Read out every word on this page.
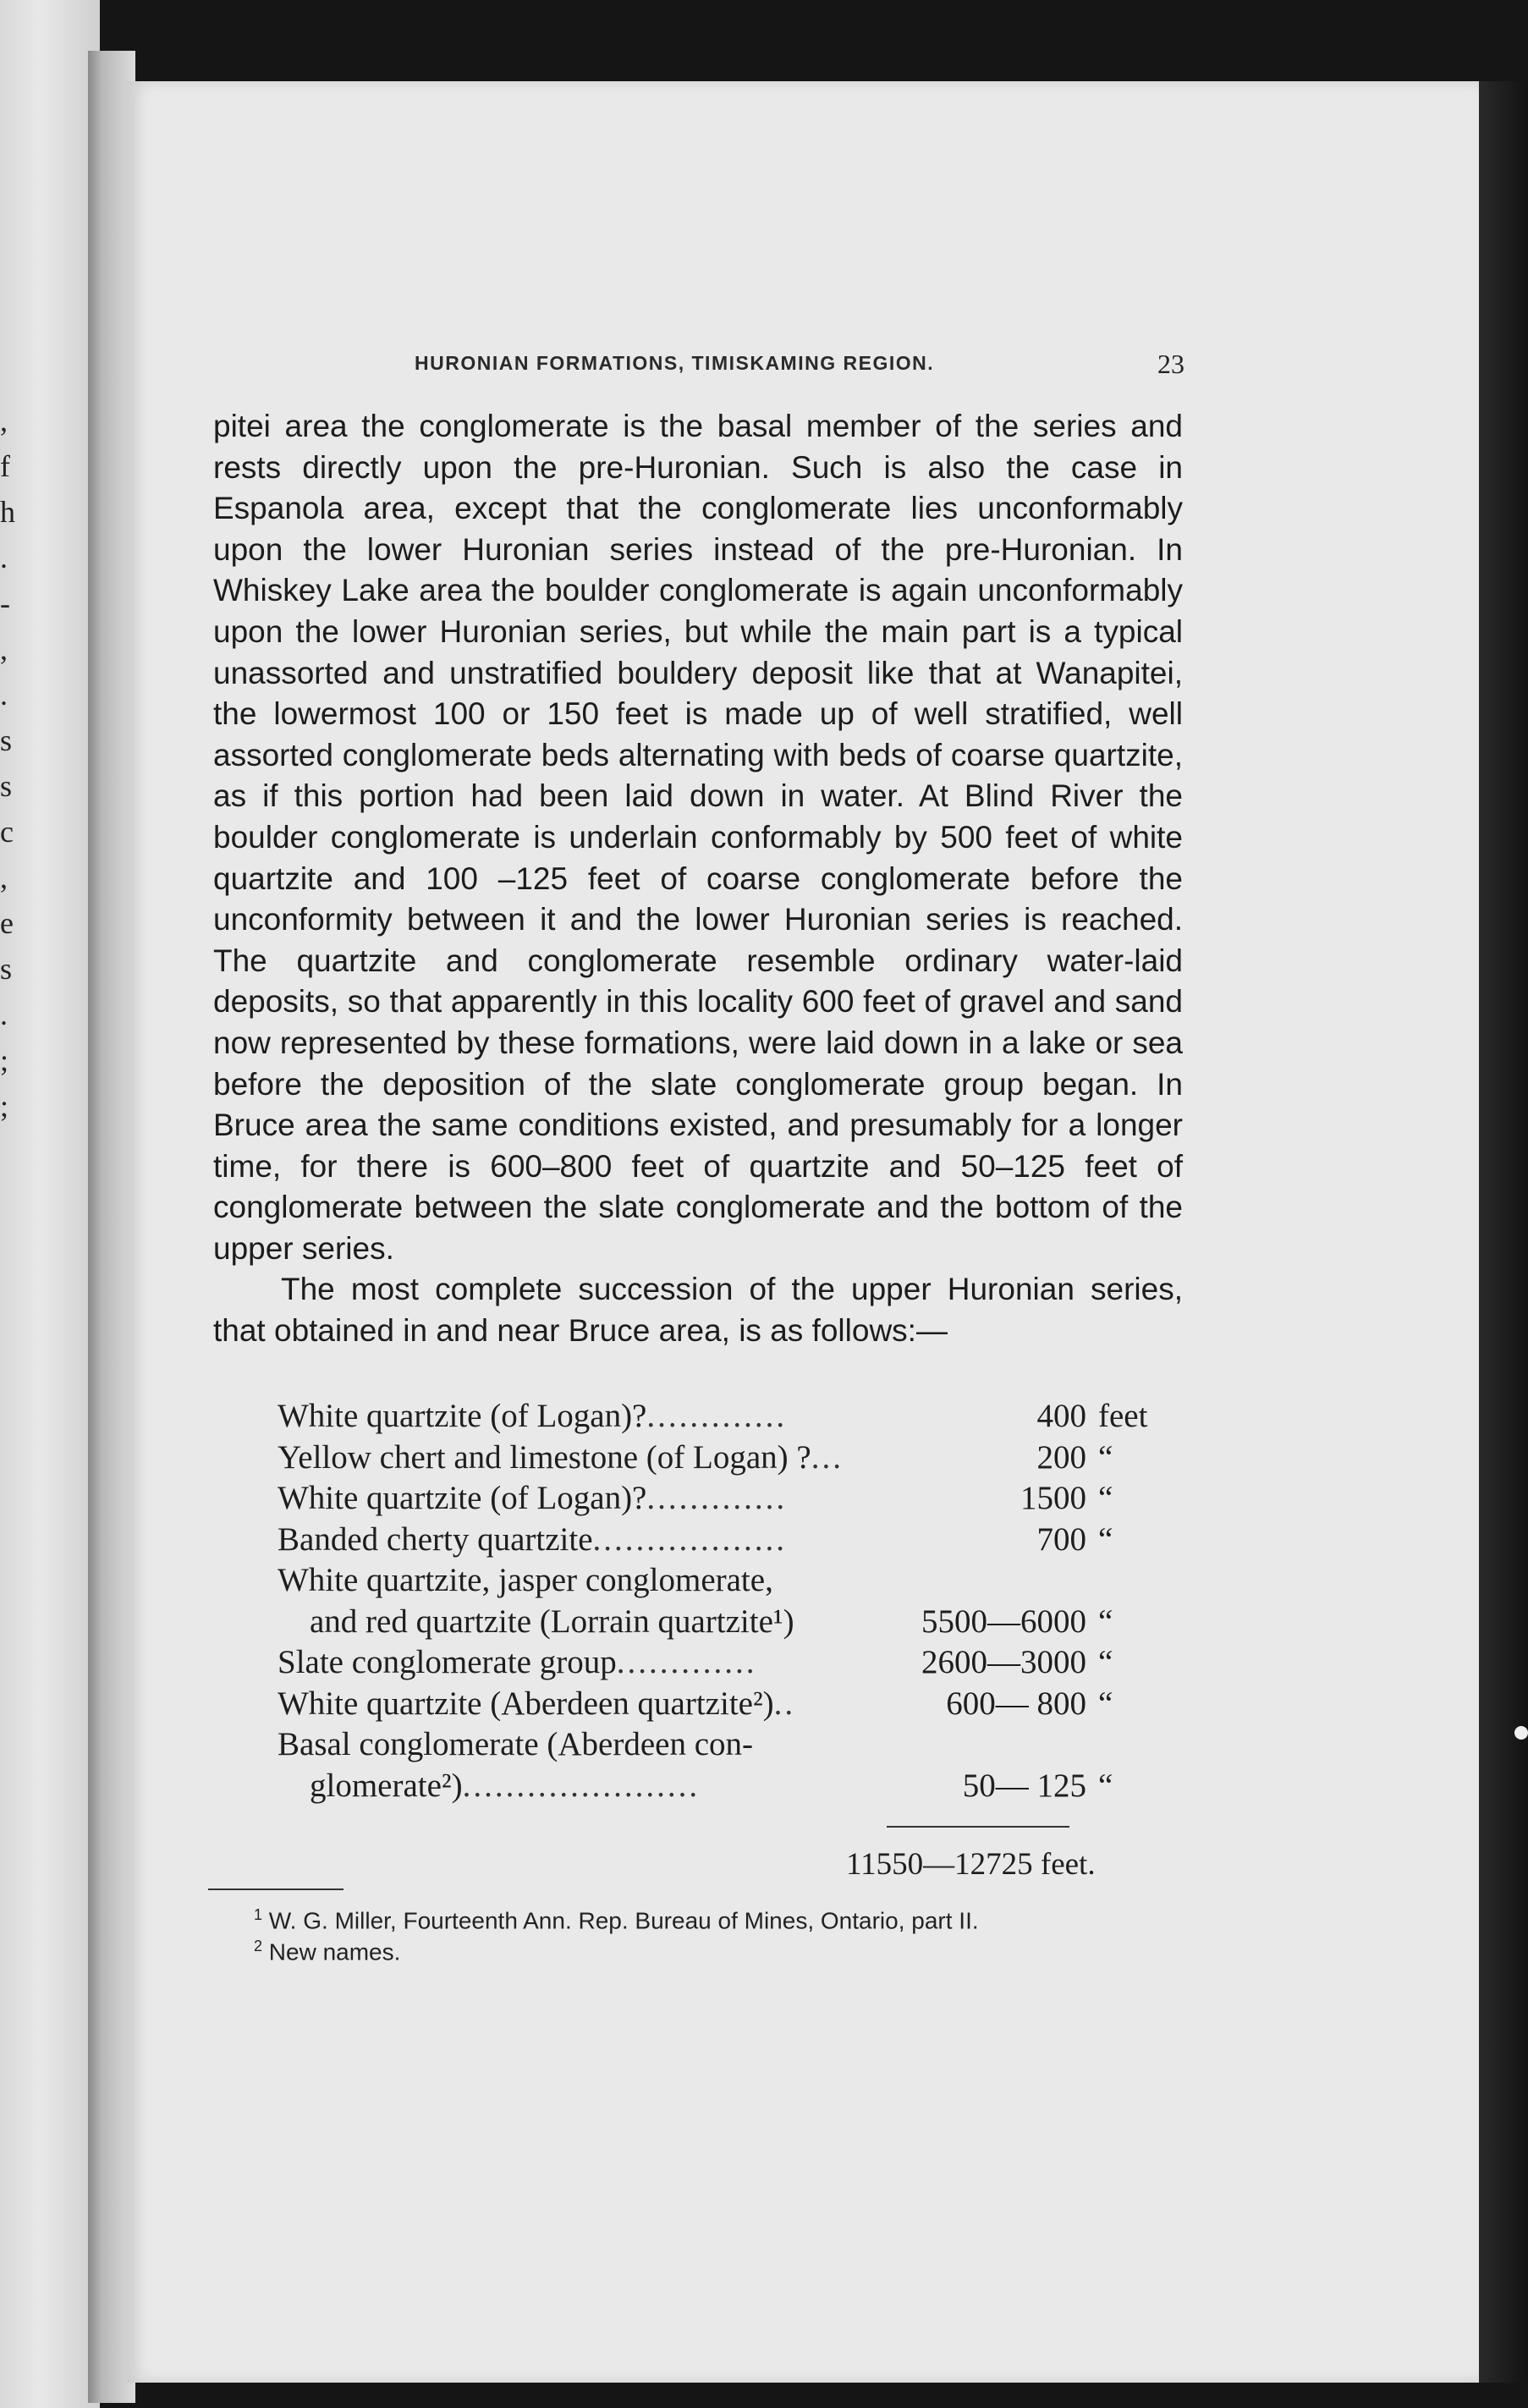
,
f
h
.
-
,
.
s
s
c
,
e
s
.
;
;
HURONIAN FORMATIONS, TIMISKAMING REGION.	23

pitei area the conglomerate is the basal member of the series and rests directly upon the pre-Huronian. Such is also the case in Espanola area, except that the conglomerate lies unconformably upon the lower Huronian series instead of the pre-Huronian. In Whiskey Lake area the boulder conglomerate is again unconformably upon the lower Huronian series, but while the main part is a typical unassorted and unstratified bouldery deposit like that at Wanapitei, the lowermost 100 or 150 feet is made up of well stratified, well assorted conglomerate beds alternating with beds of coarse quartzite, as if this portion had been laid down in water. At Blind River the boulder conglomerate is underlain conformably by 500 feet of white quartzite and 100 –125 feet of coarse conglomerate before the unconformity between it and the lower Huronian series is reached. The quartzite and conglomerate resemble ordinary water-laid deposits, so that apparently in this locality 600 feet of gravel and sand now represented by these formations, were laid down in a lake or sea before the deposition of the slate conglomerate group began. In Bruce area the same conditions existed, and presumably for a longer time, for there is 600–800 feet of quartzite and 50–125 feet of conglomerate between the slate conglomerate and the bottom of the upper series.

The most complete succession of the upper Huronian series, that obtained in and near Bruce area, is as follows:—

White quartzite (of Logan)?.............	400 feet
Yellow chert and limestone (of Logan) ?...	200 “
White quartzite (of Logan)?.............	1500 “
Banded cherty quartzite..................	700 “
White quartzite, jasper conglomerate,
and red quartzite (Lorrain quartzite¹)	5500—6000 “
Slate conglomerate group.............	2600—3000 “
White quartzite (Aberdeen quartzite²)..	600— 800 “
Basal conglomerate (Aberdeen con-
glomerate²)......................	50— 125 “
11550—12725 feet.
$^1$ W. G. Miller, Fourteenth Ann. Rep. Bureau of Mines, Ontario, part II.
$^2$ New names.
